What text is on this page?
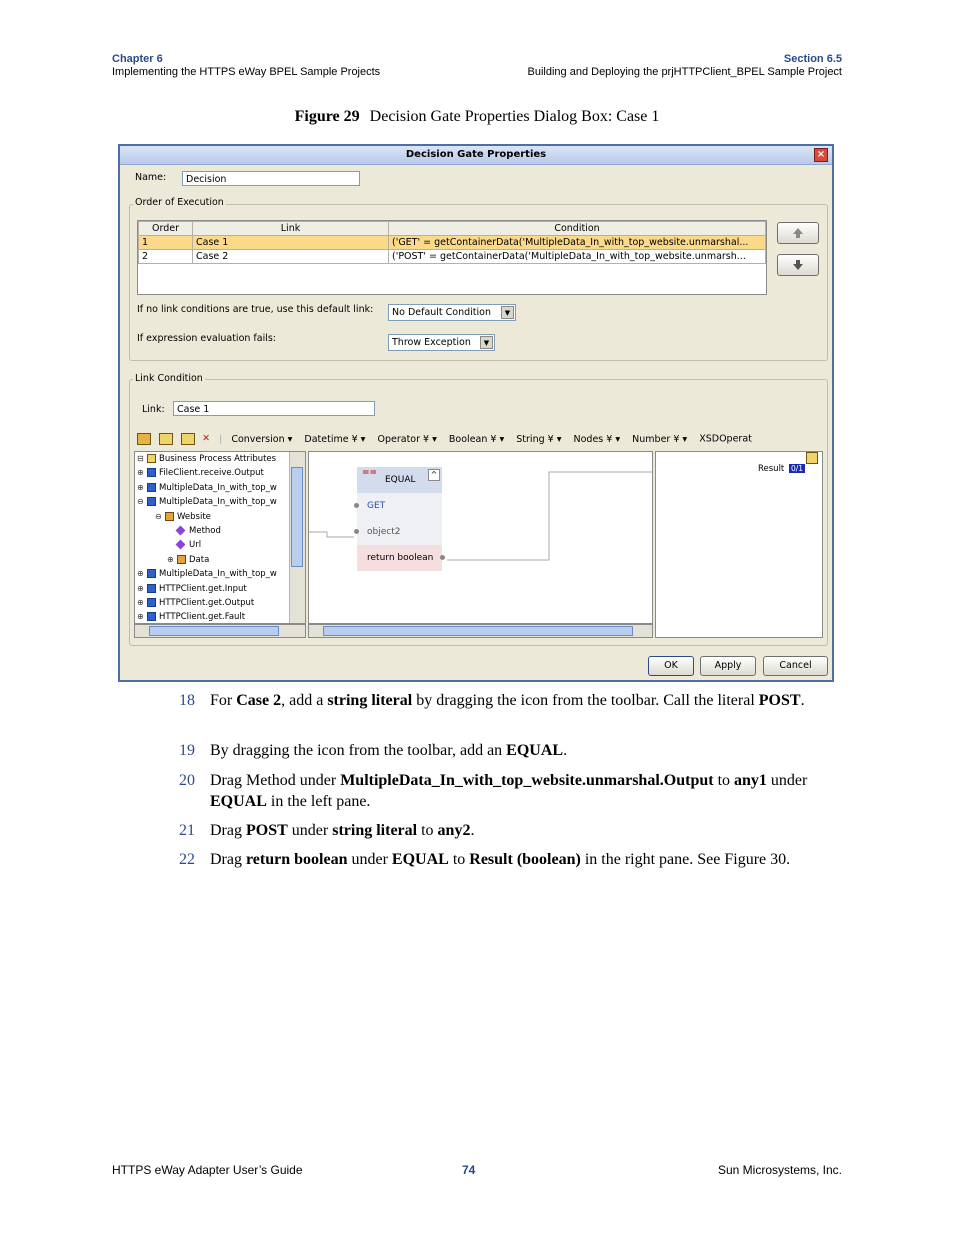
Chapter 6
Implementing the HTTPS eWay BPEL Sample Projects
Section 6.5
Building and Deploying the prjHTTPClient_BPEL Sample Project
Figure 29 Decision Gate Properties Dialog Box: Case 1
Decision Gate Properties	×
Name:	Decision
Order of Execution
Order	Link	Condition
1	Case 1	('GET' = getContainerData('MultipleData_In_with_top_website.unmarshal...
2	Case 2	('POST' = getContainerData('MultipleData_In_with_top_website.unmarsh...
If no link conditions are true, use this default link:	No Default Condition	▼
If expression evaluation fails:	Throw Exception	▼
Link Condition
Link:	Case 1
✕ | Conversion ▾ Datetime ¥ ▾ Operator ¥ ▾ Boolean ¥ ▾ String ¥ ▾ Nodes ¥ ▾ Number ¥ ▾ XSDOperat
⊟ Business Process Attributes
⊕ FileClient.receive.Output
⊕ MultipleData_In_with_top_w
⊖ MultipleData_In_with_top_w
⊖ Website
Method
Url
⊕ Data
⊕ MultipleData_In_with_top_w
⊕ HTTPClient.get.Input
⊕ HTTPClient.get.Output
⊕ HTTPClient.get.Fault
==
EQUAL
^
GET
object2
return boolean
Result 0/1
OK	Apply	Cancel
18 For Case 2, add a string literal by dragging the icon from the toolbar. Call the literal POST.
19 By dragging the icon from the toolbar, add an EQUAL.
20 Drag Method under MultipleData_In_with_top_website.unmarshal.Output to any1 under EQUAL in the left pane.
21 Drag POST under string literal to any2.
22 Drag return boolean under EQUAL to Result (boolean) in the right pane. See Figure 30.
HTTPS eWay Adapter User’s Guide	74	Sun Microsystems, Inc.
